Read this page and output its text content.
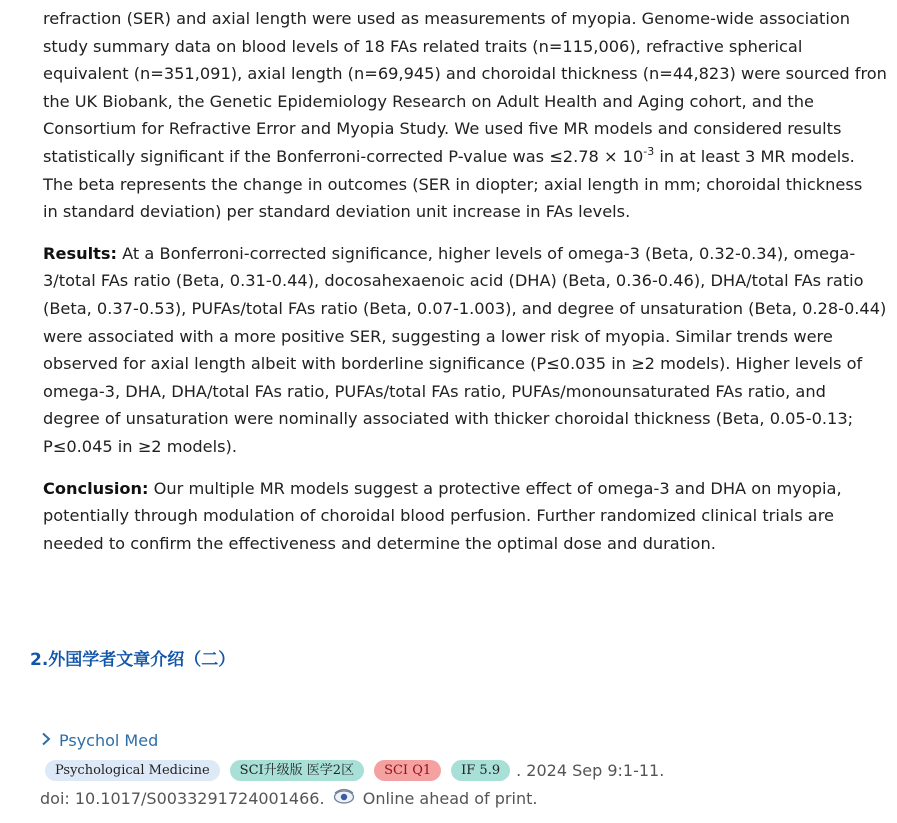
refraction (SER) and axial length were used as measurements of myopia. Genome-wide association
study summary data on blood levels of 18 FAs related traits (n=115,006), refractive spherical
equivalent (n=351,091), axial length (n=69,945) and choroidal thickness (n=44,823) were sourced fron
the UK Biobank, the Genetic Epidemiology Research on Adult Health and Aging cohort, and the
Consortium for Refractive Error and Myopia Study. We used five MR models and considered results
statistically significant if the Bonferroni-corrected P-value was $\le 2.78 \times 10^{-3}$ in at least 3 MR models.
The beta represents the change in outcomes (SER in diopter; axial length in mm; choroidal thickness
in standard deviation) per standard deviation unit increase in FAs levels.
Results: At a Bonferroni-corrected significance, higher levels of omega-3 (Beta, 0.32-0.34), omega-
3/total FAs ratio (Beta, 0.31-0.44), docosahexaenoic acid (DHA) (Beta, 0.36-0.46), DHA/total FAs ratio
(Beta, 0.37-0.53), PUFAs/total FAs ratio (Beta, 0.07-1.003), and degree of unsaturation (Beta, 0.28-0.44)
were associated with a more positive SER, suggesting a lower risk of myopia. Similar trends were
observed for axial length albeit with borderline significance (P≤0.035 in ≥2 models). Higher levels of
omega-3, DHA, DHA/total FAs ratio, PUFAs/total FAs ratio, PUFAs/monounsaturated FAs ratio, and
degree of unsaturation were nominally associated with thicker choroidal thickness (Beta, 0.05-0.13;
P≤0.045 in ≥2 models).
Conclusion: Our multiple MR models suggest a protective effect of omega-3 and DHA on myopia,
potentially through modulation of choroidal blood perfusion. Further randomized clinical trials are
needed to confirm the effectiveness and determine the optimal dose and duration.
2.外国学者文章介绍（二）
Psychol Med
Psychological Medicine	SCI升级版 医学2区	SCI Q1	IF 5.9	. 2024 Sep 9:1-11.
doi: 10.1017/S0033291724001466. Online ahead of print.
